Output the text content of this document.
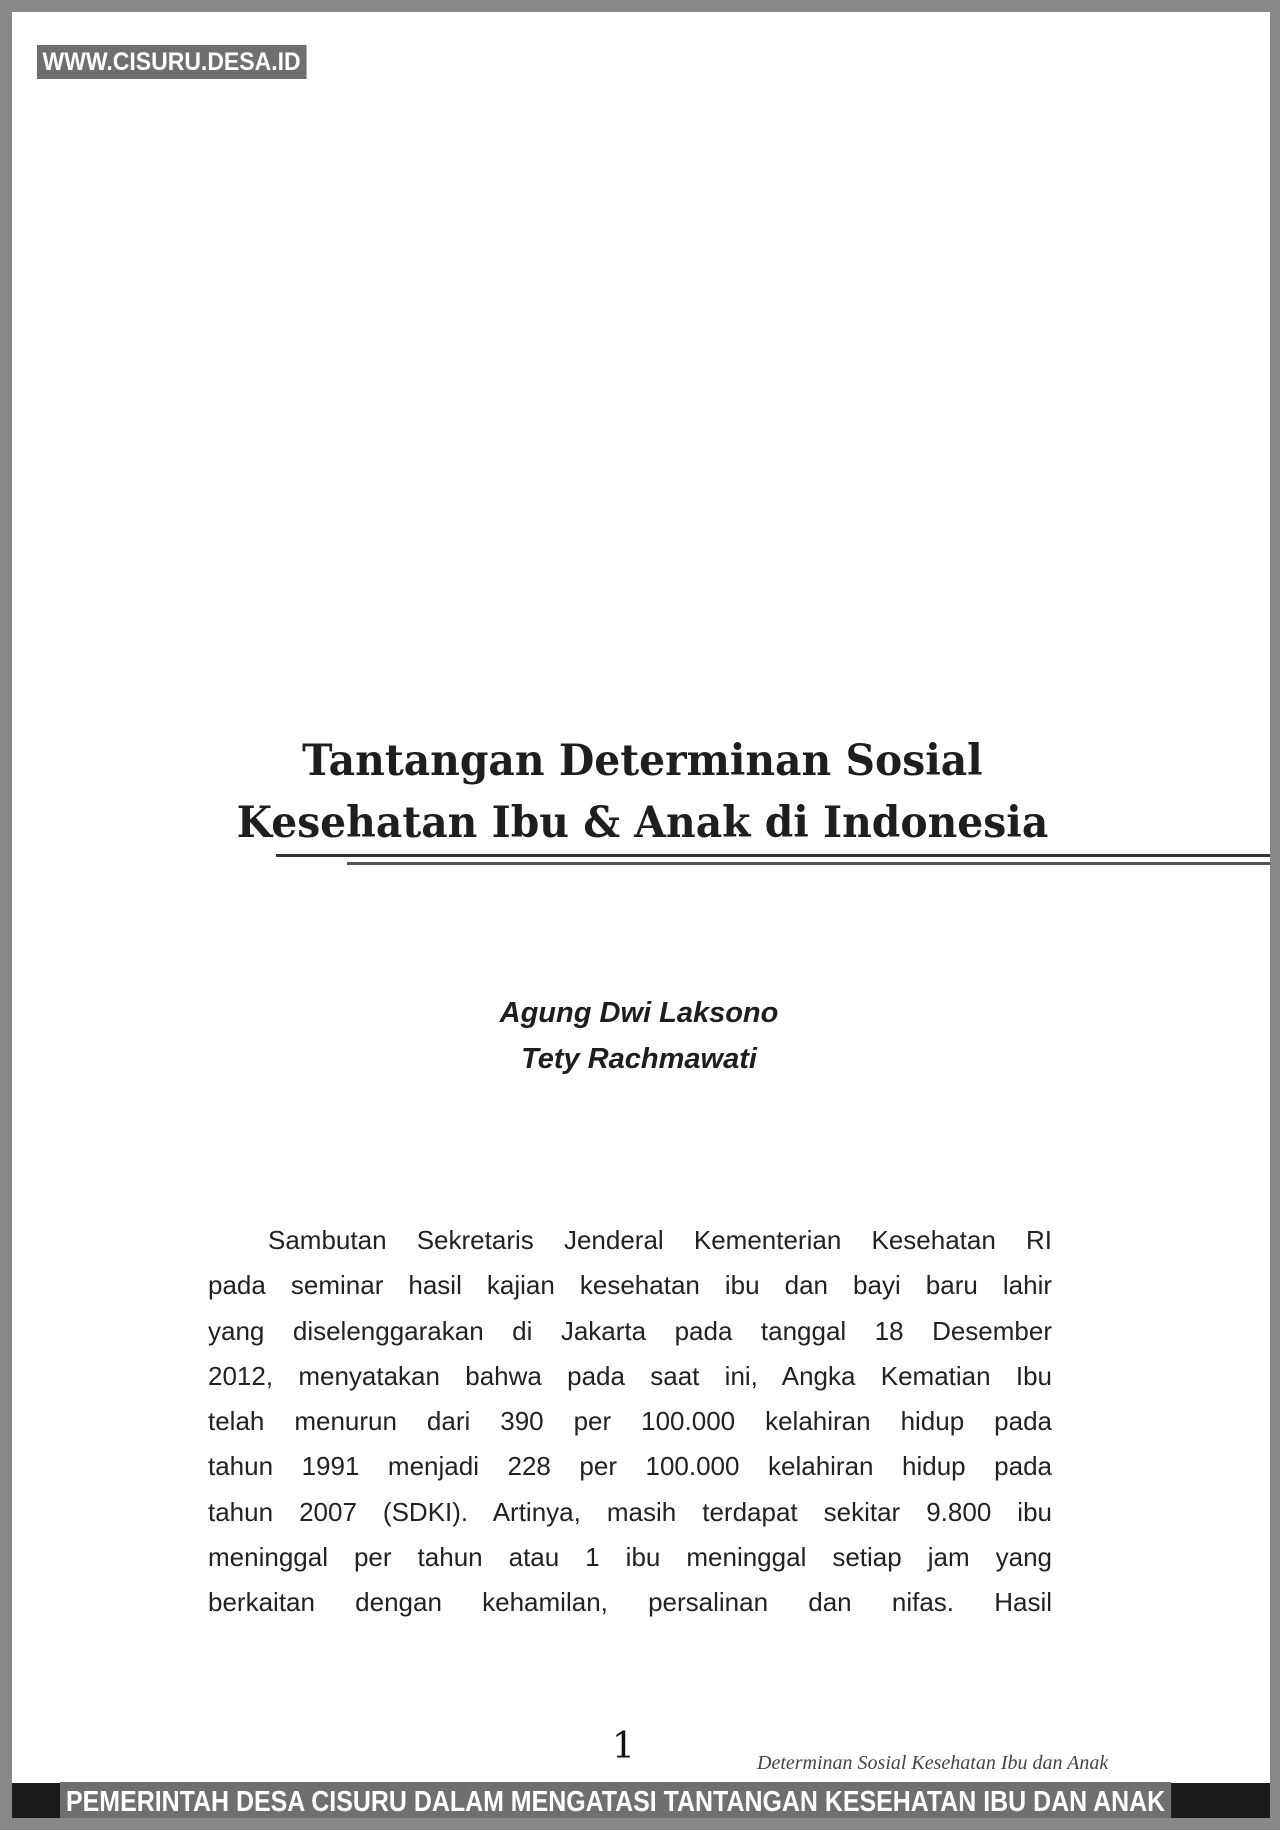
WWW.CISURU.DESA.ID
Tantangan Determinan Sosial
Kesehatan Ibu & Anak di Indonesia
Agung Dwi Laksono
Tety Rachmawati
Sambutan Sekretaris Jenderal Kementerian Kesehatan RI
pada seminar hasil kajian kesehatan ibu dan bayi baru lahir
yang diselenggarakan di Jakarta pada tanggal 18 Desember
2012, menyatakan bahwa pada saat ini, Angka Kematian Ibu
telah menurun dari 390 per 100.000 kelahiran hidup pada
tahun 1991 menjadi 228 per 100.000 kelahiran hidup pada
tahun 2007 (SDKI). Artinya, masih terdapat sekitar 9.800 ibu
meninggal per tahun atau 1 ibu meninggal setiap jam yang
berkaitan dengan kehamilan, persalinan dan nifas. Hasil
1	Determinan Sosial Kesehatan Ibu dan Anak
PEMERINTAH DESA CISURU DALAM MENGATASI TANTANGAN KESEHATAN IBU DAN ANAK
